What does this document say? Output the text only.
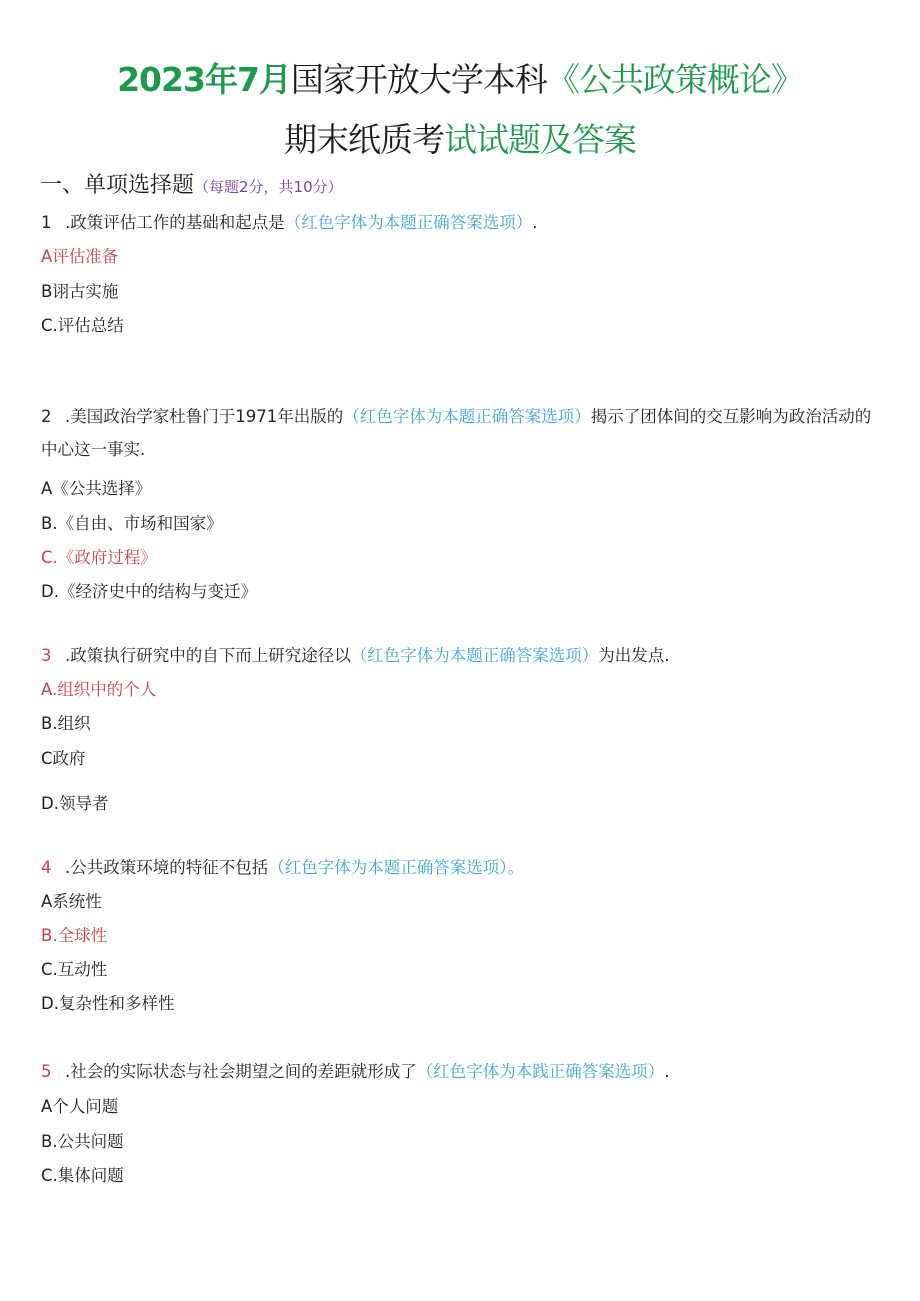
2023年7月国家开放大学本科《公共政策概论》
期末纸质考试试题及答案
一、单项选择题（每题2分，共10分）
1 .政策评估工作的基础和起点是（红色字体为本题正确答案选项）.
A评估准备
B诩古实施
C.评估总结
2 .美国政治学家杜鲁门于1971年出版的（红色字体为本题正确答案选项）揭示了团体间的交互影响为政治活动的中心这一事实.
A《公共选择》
B.《自由、市场和国家》
C.《政府过程》
D.《经济史中的结构与变迁》
3 .政策执行研究中的自下而上研究途径以（红色字体为本题正确答案选项）为出发点.
A.组织中的个人
B.组织
C政府
D.领导者
4 .公共政策环境的特征不包括（红色字体为本题正确答案选项）。
A系统性
B.全球性
C.互动性
D.复杂性和多样性
5 .社会的实际状态与社会期望之间的差距就形成了（红色字体为本践正确答案选项）.
A个人问题
B.公共问题
C.集体问题
